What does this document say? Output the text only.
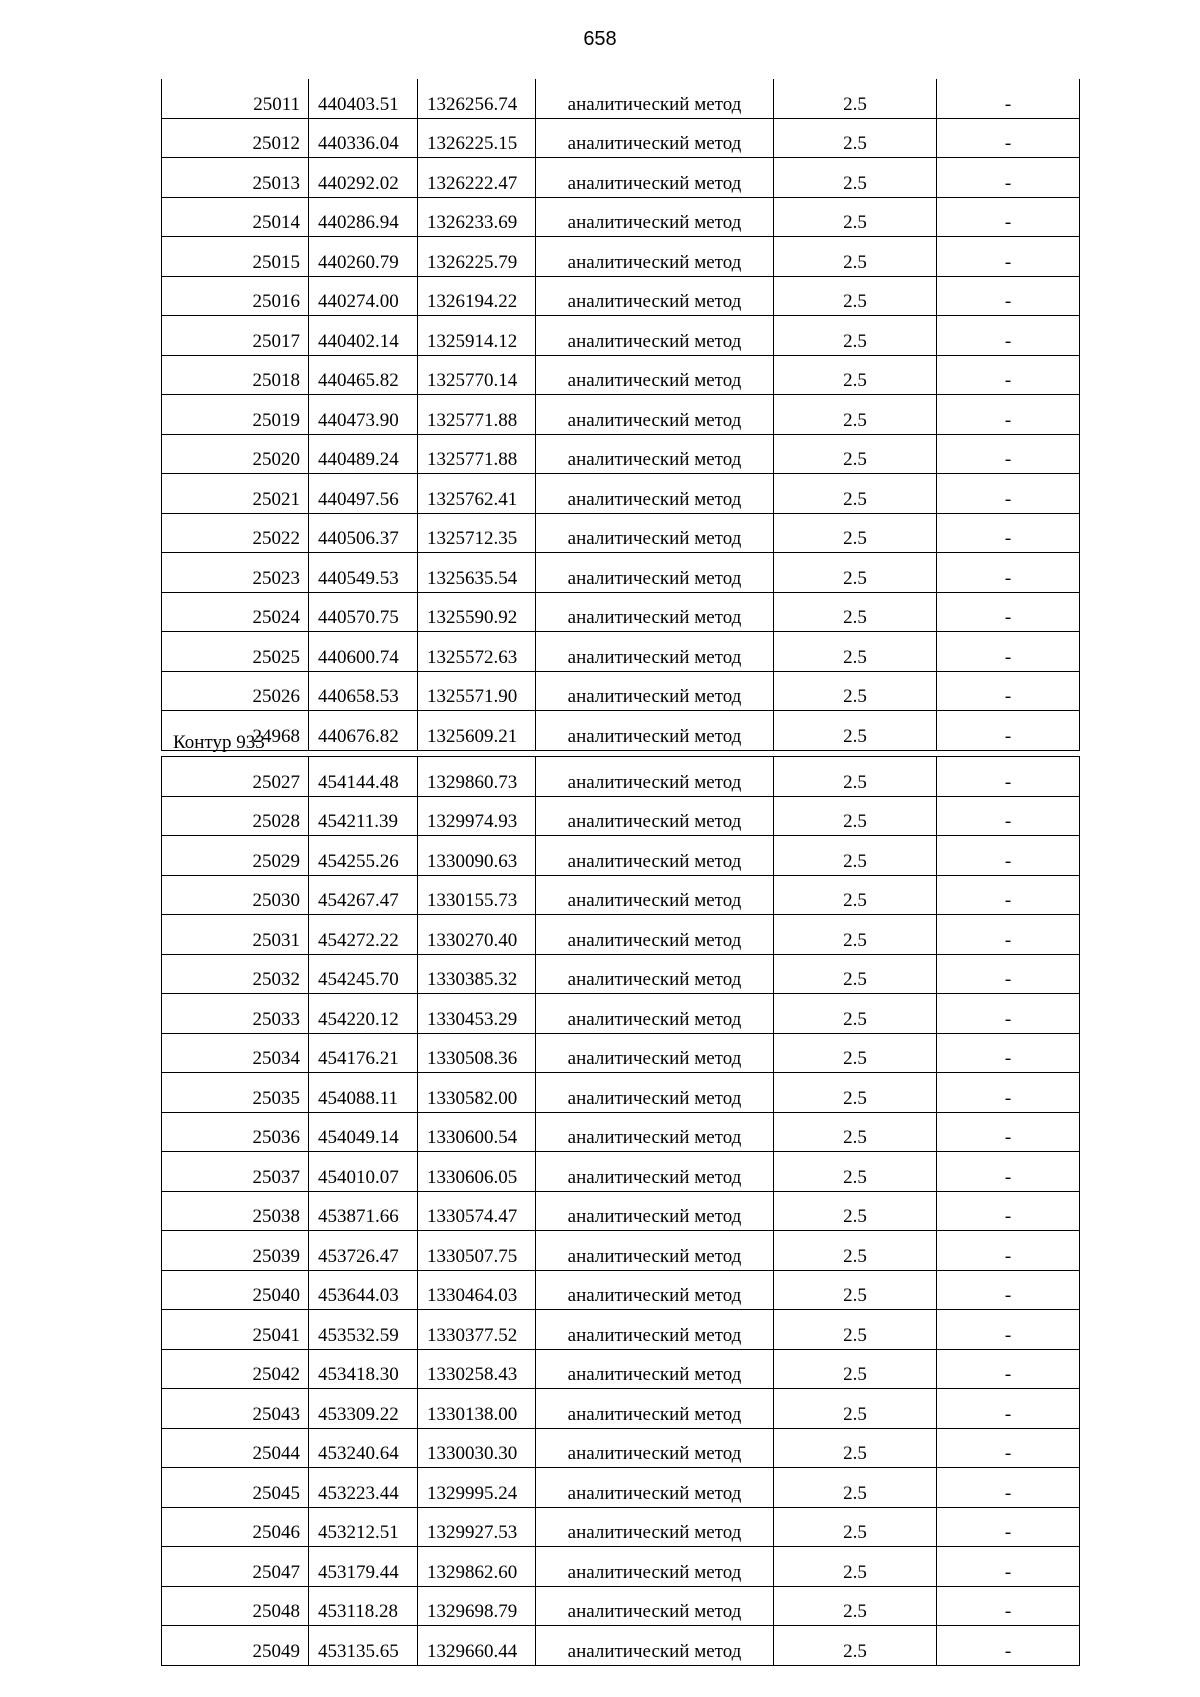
658
25011	440403.51	1326256.74	аналитический метод	2.5	-
25012	440336.04	1326225.15	аналитический метод	2.5	-
25013	440292.02	1326222.47	аналитический метод	2.5	-
25014	440286.94	1326233.69	аналитический метод	2.5	-
25015	440260.79	1326225.79	аналитический метод	2.5	-
25016	440274.00	1326194.22	аналитический метод	2.5	-
25017	440402.14	1325914.12	аналитический метод	2.5	-
25018	440465.82	1325770.14	аналитический метод	2.5	-
25019	440473.90	1325771.88	аналитический метод	2.5	-
25020	440489.24	1325771.88	аналитический метод	2.5	-
25021	440497.56	1325762.41	аналитический метод	2.5	-
25022	440506.37	1325712.35	аналитический метод	2.5	-
25023	440549.53	1325635.54	аналитический метод	2.5	-
25024	440570.75	1325590.92	аналитический метод	2.5	-
25025	440600.74	1325572.63	аналитический метод	2.5	-
25026	440658.53	1325571.90	аналитический метод	2.5	-
24968	440676.82	1325609.21	аналитический метод	2.5	-
Контур 933
25027	454144.48	1329860.73	аналитический метод	2.5	-
25028	454211.39	1329974.93	аналитический метод	2.5	-
25029	454255.26	1330090.63	аналитический метод	2.5	-
25030	454267.47	1330155.73	аналитический метод	2.5	-
25031	454272.22	1330270.40	аналитический метод	2.5	-
25032	454245.70	1330385.32	аналитический метод	2.5	-
25033	454220.12	1330453.29	аналитический метод	2.5	-
25034	454176.21	1330508.36	аналитический метод	2.5	-
25035	454088.11	1330582.00	аналитический метод	2.5	-
25036	454049.14	1330600.54	аналитический метод	2.5	-
25037	454010.07	1330606.05	аналитический метод	2.5	-
25038	453871.66	1330574.47	аналитический метод	2.5	-
25039	453726.47	1330507.75	аналитический метод	2.5	-
25040	453644.03	1330464.03	аналитический метод	2.5	-
25041	453532.59	1330377.52	аналитический метод	2.5	-
25042	453418.30	1330258.43	аналитический метод	2.5	-
25043	453309.22	1330138.00	аналитический метод	2.5	-
25044	453240.64	1330030.30	аналитический метод	2.5	-
25045	453223.44	1329995.24	аналитический метод	2.5	-
25046	453212.51	1329927.53	аналитический метод	2.5	-
25047	453179.44	1329862.60	аналитический метод	2.5	-
25048	453118.28	1329698.79	аналитический метод	2.5	-
25049	453135.65	1329660.44	аналитический метод	2.5	-
